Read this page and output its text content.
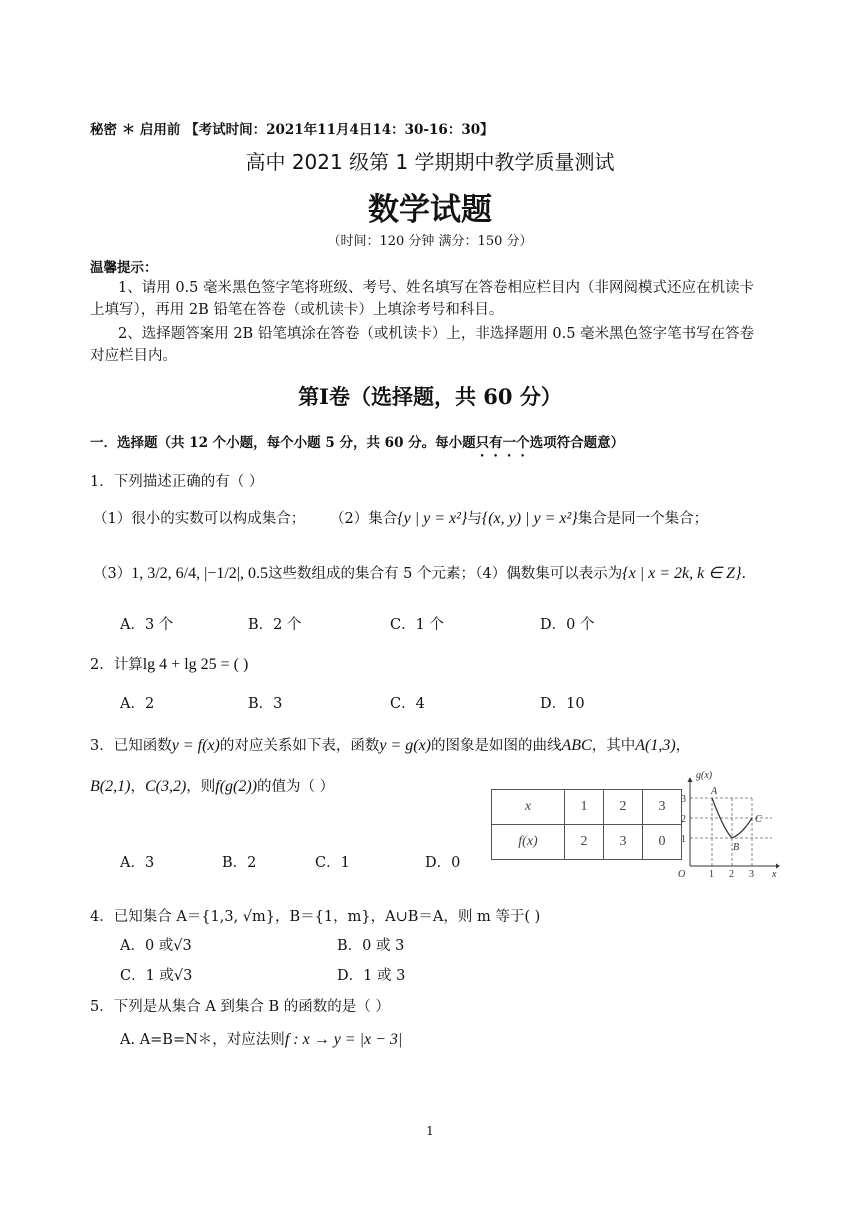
秘密 ＊ 启用前 【考试时间：2021年11月4日14：30-16：30】
高中 2021 级第 1 学期期中教学质量测试
数学试题
（时间：120 分钟 满分：150 分）
温馨提示：
1、请用 0.5 毫米黑色签字笔将班级、考号、姓名填写在答卷相应栏目内（非网阅模式还应在机读卡
上填写），再用 2B 铅笔在答卷（或机读卡）上填涂考号和科目。
2、选择题答案用 2B 铅笔填涂在答卷（或机读卡）上，非选择题用 0.5 毫米黑色签字笔书写在答卷
对应栏目内。
第Ⅰ卷（选择题，共 60 分）
一．选择题（共 12 个小题，每个小题 5 分，共 60 分。每小题只有一个选项符合题意）
1．下列描述正确的有（ ）
（1）很小的实数可以构成集合； （2）集合{y | y = x²}与{(x, y) | y = x²}集合是同一个集合；
（3）1, 3/2, 6/4, |−1/2|, 0.5这些数组成的集合有 5 个元素；
（4）偶数集可以表示为{x | x = 2k, k ∈ Z}.
A．3 个	B．2 个	C．1 个	D．0 个
2．计算lg 4 + lg 25 = ( )
A．2	B．3	C．4	D．10
3．已知函数y = f(x)的对应关系如下表，函数y = g(x)的图象是如图的曲线ABC，其中A(1,3)，
B(2,1)，C(3,2)，则f(g(2))的值为（ ）
A．3	B．2	C．1	D．0
x	1	2	3
f(x)	2	3	0
g(x)
O	x
1 2 3
1
2
3
A
B
C
4．已知集合 A＝{1,3, √m}，B＝{1，m}，A∪B＝A，则 m 等于( )
A．0 或√3	B．0 或 3
C．1 或√3	D．1 或 3
5．下列是从集合 A 到集合 B 的函数的是（ ）
A. A=B=N＊，对应法则f : x → y = |x − 3|
1
